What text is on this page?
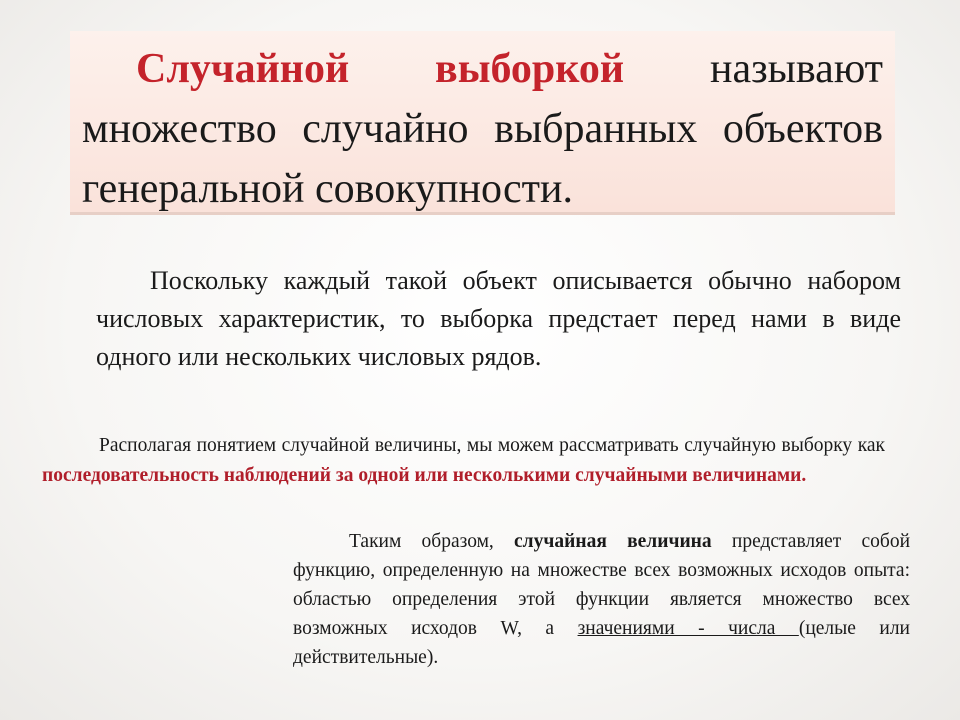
Случайной выборкой называют множество случайно выбранных объектов генеральной совокупности.

Поскольку каждый такой объект описывается обычно набором числовых характеристик, то выборка предстает перед нами в виде одного или нескольких числовых рядов.

Располагая понятием случайной величины, мы можем рассматривать случайную выборку как последовательность наблюдений за одной или несколькими случайными величинами.

Таким образом, случайная величина представляет собой функцию, определенную на множестве всех возможных исходов опыта: областью определения этой функции является множество всех возможных исходов W, а значениями - числа (целые или действительные).
